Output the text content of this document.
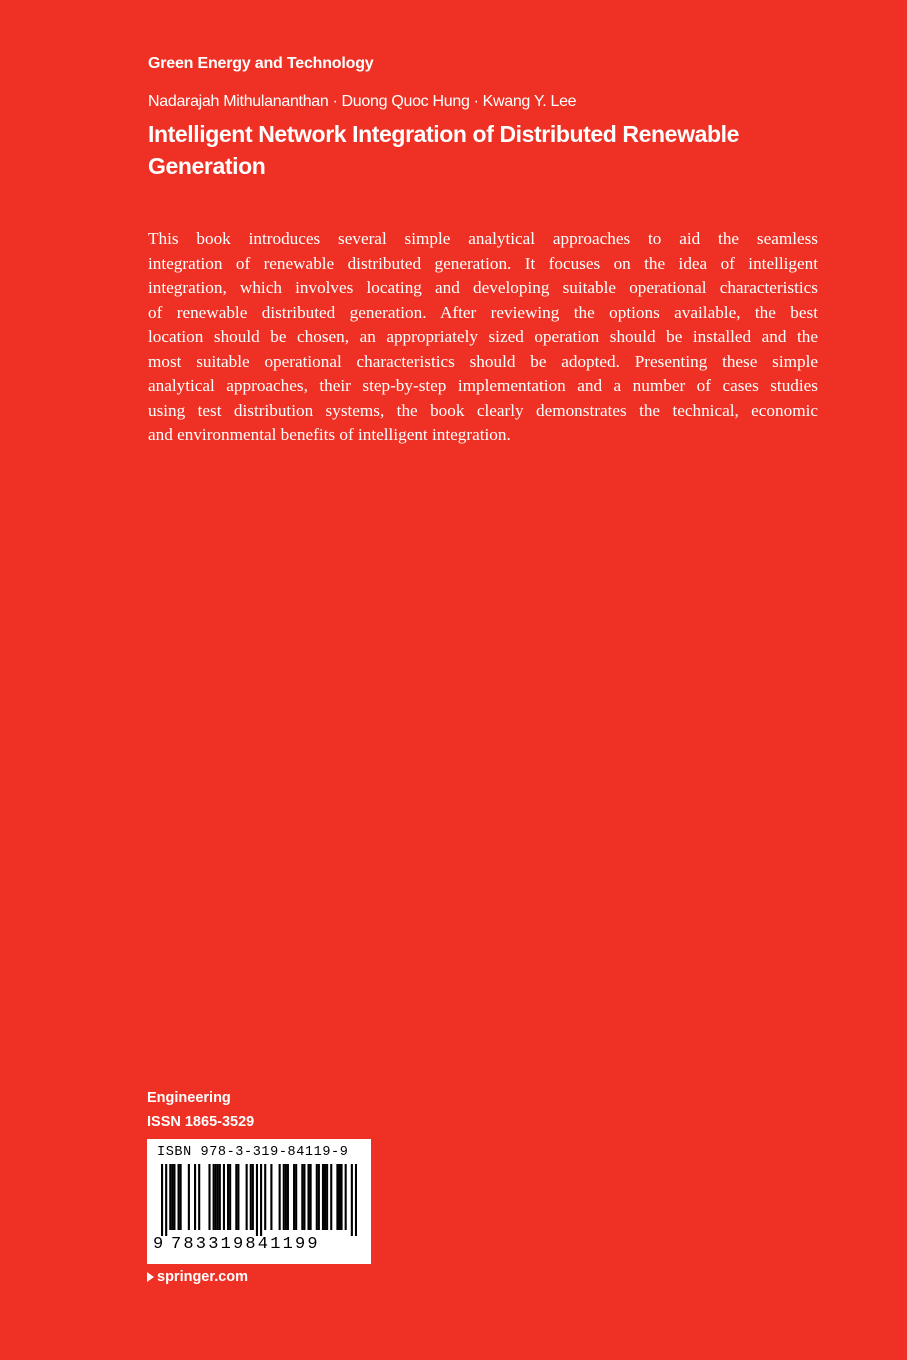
Green Energy and Technology
Nadarajah Mithulananthan · Duong Quoc Hung · Kwang Y. Lee
Intelligent Network Integration of Distributed Renewable
Generation
This book introduces several simple analytical approaches to aid the seamless
integration of renewable distributed generation. It focuses on the idea of intelligent
integration, which involves locating and developing suitable operational characteristics
of renewable distributed generation. After reviewing the options available, the best
location should be chosen, an appropriately sized operation should be installed and the
most suitable operational characteristics should be adopted. Presenting these simple
analytical approaches, their step-by-step implementation and a number of cases studies
using test distribution systems, the book clearly demonstrates the technical, economic
and environmental benefits of intelligent integration.
Engineering
ISSN 1865-3529
ISBN 978-3-319-84119-9
9 783319841199
springer.com
